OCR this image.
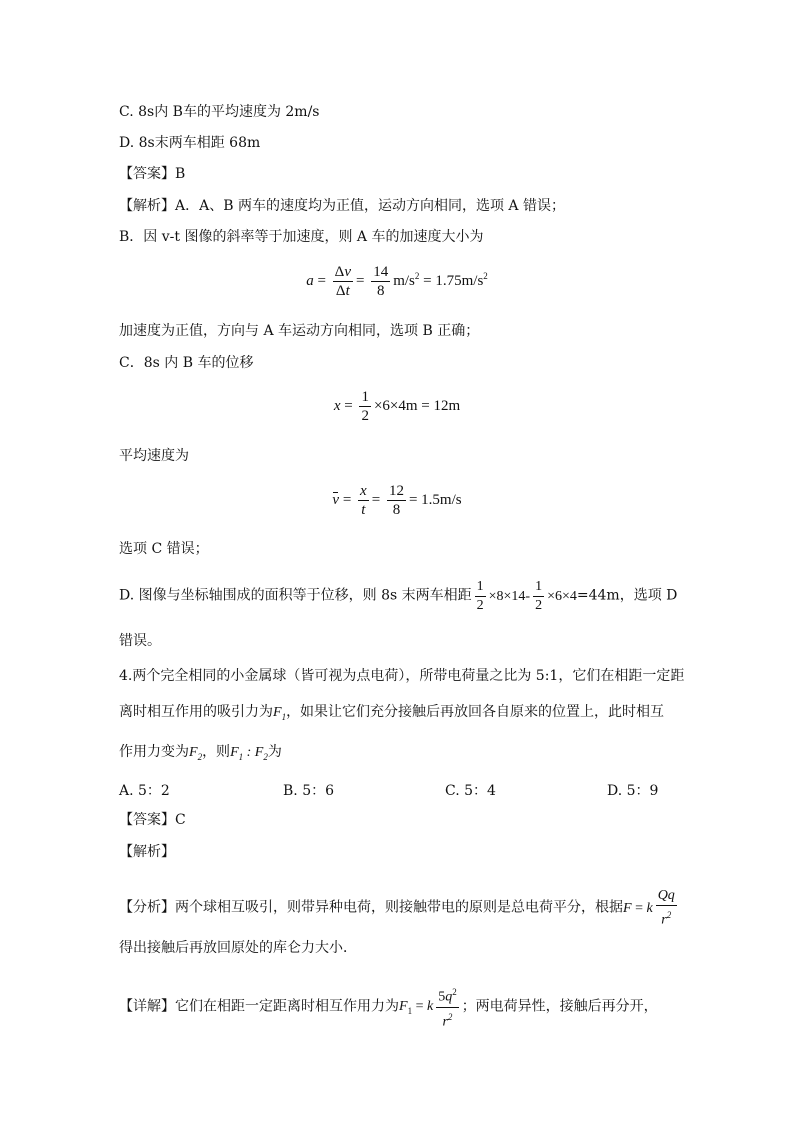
C. 8s内 B车的平均速度为 2m/s
D. 8s末两车相距 68m
【答案】B
【解析】A．A、B 两车的速度均为正值，运动方向相同，选项 A 错误；
B．因 v-t 图像的斜率等于加速度，则 A 车的加速度大小为
$a = \frac{\Delta v}{\Delta t} = \frac{14}{8} m/s^2 = 1.75m/s^2$
加速度为正值，方向与 A 车运动方向相同，选项 B 正确；
C．8s 内 B 车的位移
$x = \frac{1}{2} \times 6\times 4m = 12m$
平均速度为
$v = \frac{x}{t} = \frac{12}{8} = 1.5m/s$
选项 C 错误；
D. 图像与坐标轴围成的面积等于位移，则 8s 末两车相距 $\frac{1}{2} \times 8\times 14- \frac{1}{2} \times 6\times 4=44m$，选项 D
错误。
4.两个完全相同的小金属球（皆可视为点电荷），所带电荷量之比为 5:1，它们在相距一定距
离时相互作用的吸引力为$F_1$，如果让它们充分接触后再放回各自原来的位置上，此时相互
作用力变为$F_2$，则$F_1$ : $F_2$为
A. 5：2	B. 5：6	C. 5：4	D. 5：9
【答案】C
【解析】
【分析】两个球相互吸引，则带异种电荷，则接触带电的原则是总电荷平分，根据F = k $\frac{Qq}{r^2}$
得出接触后再放回原处的库仑力大小．
【详解】它们在相距一定距离时相互作用力为$F_1 = k \frac{5q^2}{r^2}$ ；两电荷异性，接触后再分开，
